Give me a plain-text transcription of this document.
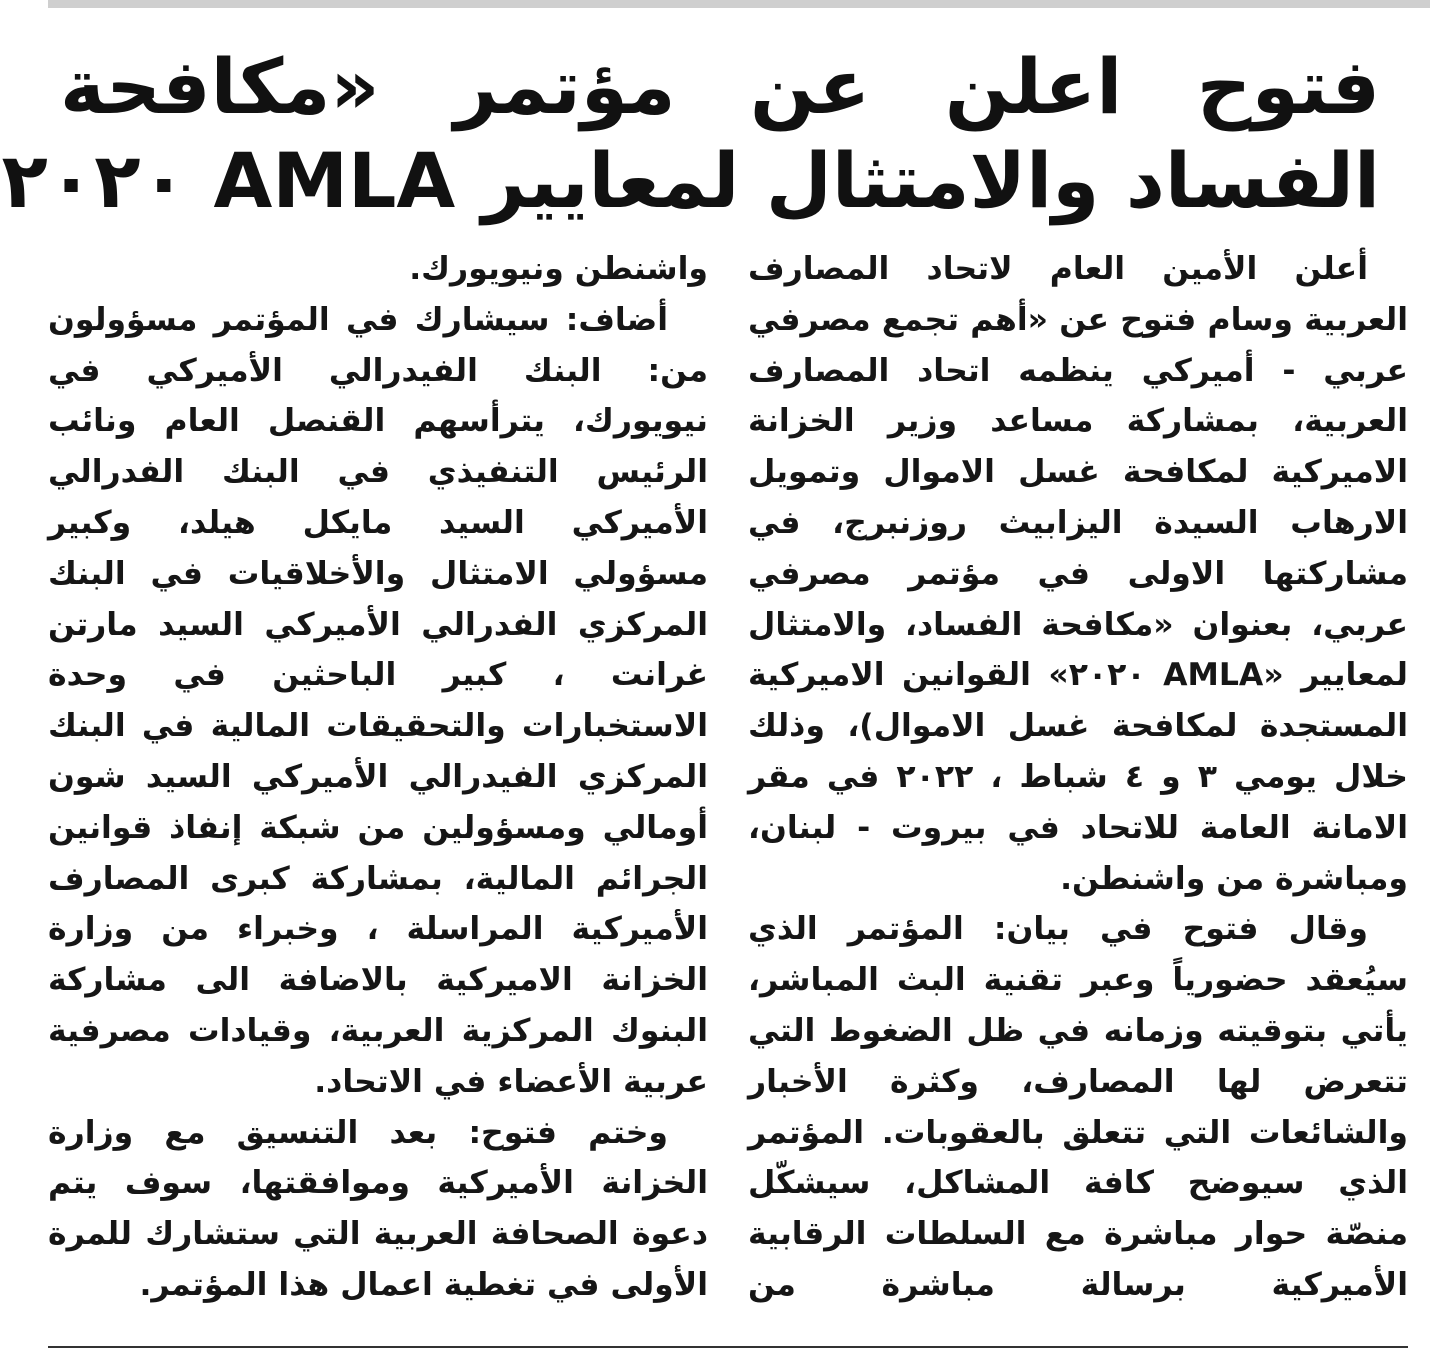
فتوح اعلن عن مؤتمر «مكافحة
الفساد والامتثال لمعايير AMLA ٢٠٢٠

أعلن الأمين العام لاتحاد المصارف العربية وسام فتوح عن «أهم تجمع مصرفي عربي - أميركي ينظمه اتحاد المصارف العربية، بمشاركة مساعد وزير الخزانة الاميركية لمكافحة غسل الاموال وتمويل الارهاب السيدة اليزابيث روزنبرج، في مشاركتها الاولى في مؤتمر مصرفي عربي، بعنوان «مكافحة الفساد، والامتثال لمعايير «AMLA ٢٠٢٠» القوانين الاميركية المستجدة لمكافحة غسل الاموال)، وذلك خلال يومي ٣ و ٤ شباط ، ٢٠٢٢ في مقر الامانة العامة للاتحاد في بيروت - لبنان، ومباشرة من واشنطن.

وقال فتوح في بيان: المؤتمر الذي سيُعقد حضورياً وعبر تقنية البث المباشر، يأتي بتوقيته وزمانه في ظل الضغوط التي تتعرض لها المصارف، وكثرة الأخبار والشائعات التي تتعلق بالعقوبات. المؤتمر الذي سيوضح كافة المشاكل، سيشكّل منصّة حوار مباشرة مع السلطات الرقابية الأميركية برسالة مباشرة من

واشنطن ونيويورك.

أضاف: سيشارك في المؤتمر مسؤولون من: البنك الفيدرالي الأميركي في نيويورك، يترأسهم القنصل العام ونائب الرئيس التنفيذي في البنك الفدرالي الأميركي السيد مايكل هيلد، وكبير مسؤولي الامتثال والأخلاقيات في البنك المركزي الفدرالي الأميركي السيد مارتن غرانت ، كبير الباحثين في وحدة الاستخبارات والتحقيقات المالية في البنك المركزي الفيدرالي الأميركي السيد شون أومالي ومسؤولين من شبكة إنفاذ قوانين الجرائم المالية، بمشاركة كبرى المصارف الأميركية المراسلة ، وخبراء من وزارة الخزانة الاميركية بالاضافة الى مشاركة البنوك المركزية العربية، وقيادات مصرفية عربية الأعضاء في الاتحاد.

وختم فتوح: بعد التنسيق مع وزارة الخزانة الأميركية وموافقتها، سوف يتم دعوة الصحافة العربية التي ستشارك للمرة الأولى في تغطية اعمال هذا المؤتمر.
